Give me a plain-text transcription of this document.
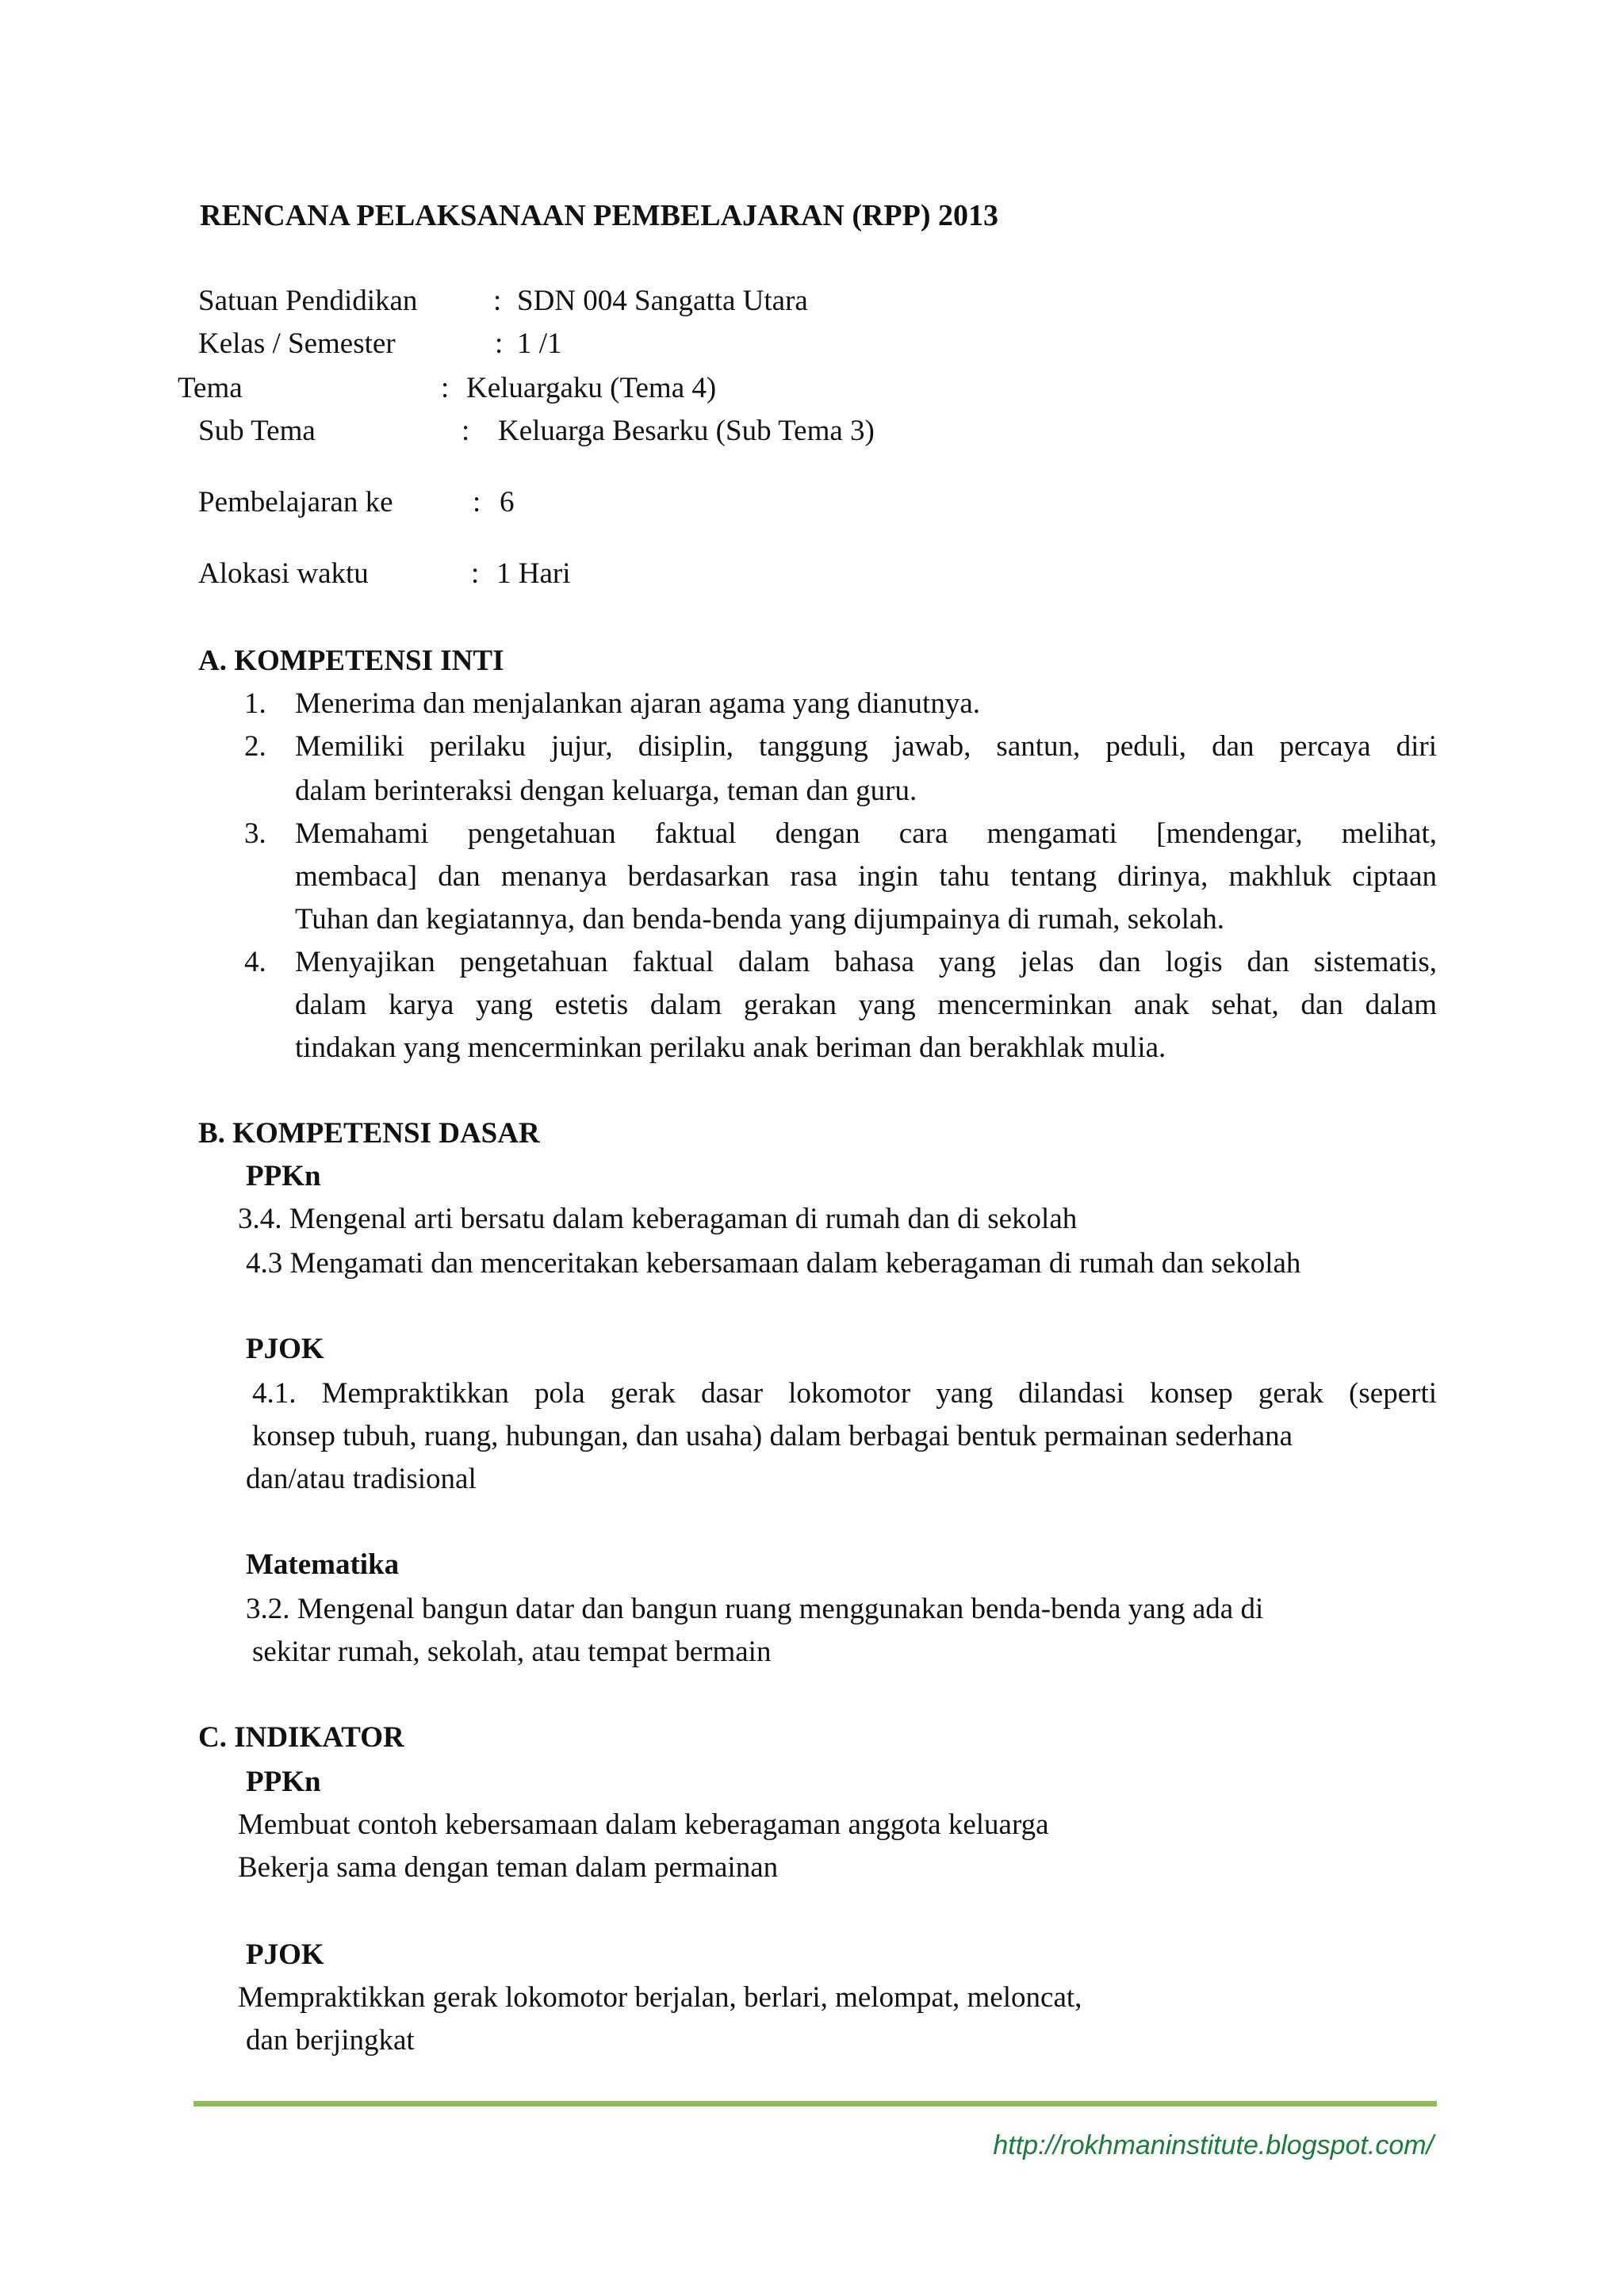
RENCANA PELAKSANAAN PEMBELAJARAN (RPP) 2013
Satuan Pendidikan	: SDN 004 Sangatta Utara
Kelas / Semester	: 1 /1
Tema	: Keluargaku (Tema 4)
Sub Tema	: Keluarga Besarku (Sub Tema 3)
Pembelajaran ke	: 6
Alokasi waktu	: 1 Hari
A. KOMPETENSI INTI
1. Menerima dan menjalankan ajaran agama yang dianutnya.
2. Memiliki perilaku jujur, disiplin, tanggung jawab, santun, peduli, dan percaya diri
dalam berinteraksi dengan keluarga, teman dan guru.
3. Memahami pengetahuan faktual dengan cara mengamati [mendengar, melihat,
membaca] dan menanya berdasarkan rasa ingin tahu tentang dirinya, makhluk ciptaan
Tuhan dan kegiatannya, dan benda-benda yang dijumpainya di rumah, sekolah.
4. Menyajikan pengetahuan faktual dalam bahasa yang jelas dan logis dan sistematis,
dalam karya yang estetis dalam gerakan yang mencerminkan anak sehat, dan dalam
tindakan yang mencerminkan perilaku anak beriman dan berakhlak mulia.
B. KOMPETENSI DASAR
PPKn
3.4. Mengenal arti bersatu dalam keberagaman di rumah dan di sekolah
4.3 Mengamati dan menceritakan kebersamaan dalam keberagaman di rumah dan sekolah
PJOK
4.1. Mempraktikkan pola gerak dasar lokomotor yang dilandasi konsep gerak (seperti
konsep tubuh, ruang, hubungan, dan usaha) dalam berbagai bentuk permainan sederhana
dan/atau tradisional
Matematika
3.2. Mengenal bangun datar dan bangun ruang menggunakan benda-benda yang ada di
sekitar rumah, sekolah, atau tempat bermain
C. INDIKATOR
PPKn
Membuat contoh kebersamaan dalam keberagaman anggota keluarga
Bekerja sama dengan teman dalam permainan
PJOK
Mempraktikkan gerak lokomotor berjalan, berlari, melompat, meloncat,
dan berjingkat
http://rokhmaninstitute.blogspot.com/
